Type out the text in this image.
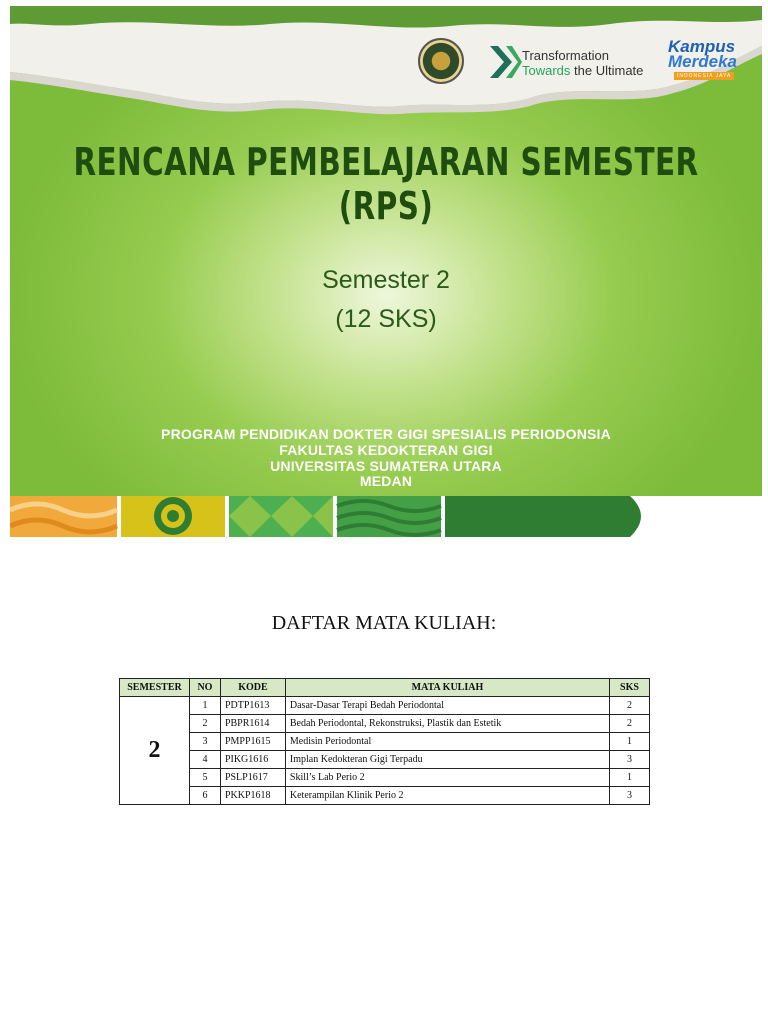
Transformation
Towards the Ultimate
Kampus
Merdeka
INDONESIA JAYA
RENCANA PEMBELAJARAN SEMESTER
(RPS)
Semester 2
(12 SKS)
PROGRAM PENDIDIKAN DOKTER GIGI SPESIALIS PERIODONSIA
FAKULTAS KEDOKTERAN GIGI
UNIVERSITAS SUMATERA UTARA
MEDAN
DAFTAR MATA KULIAH:
SEMESTER	NO	KODE	MATA KULIAH	SKS
2	1	PDTP1613	Dasar-Dasar Terapi Bedah Periodontal	2
	2	PBPR1614	Bedah Periodontal, Rekonstruksi, Plastik dan Estetik	2
	3	PMPP1615	Medisin Periodontal	1
	4	PIKG1616	Implan Kedokteran Gigi Terpadu	3
	5	PSLP1617	Skill’s Lab Perio 2	1
	6	PKKP1618	Keterampilan Klinik Perio 2	3
